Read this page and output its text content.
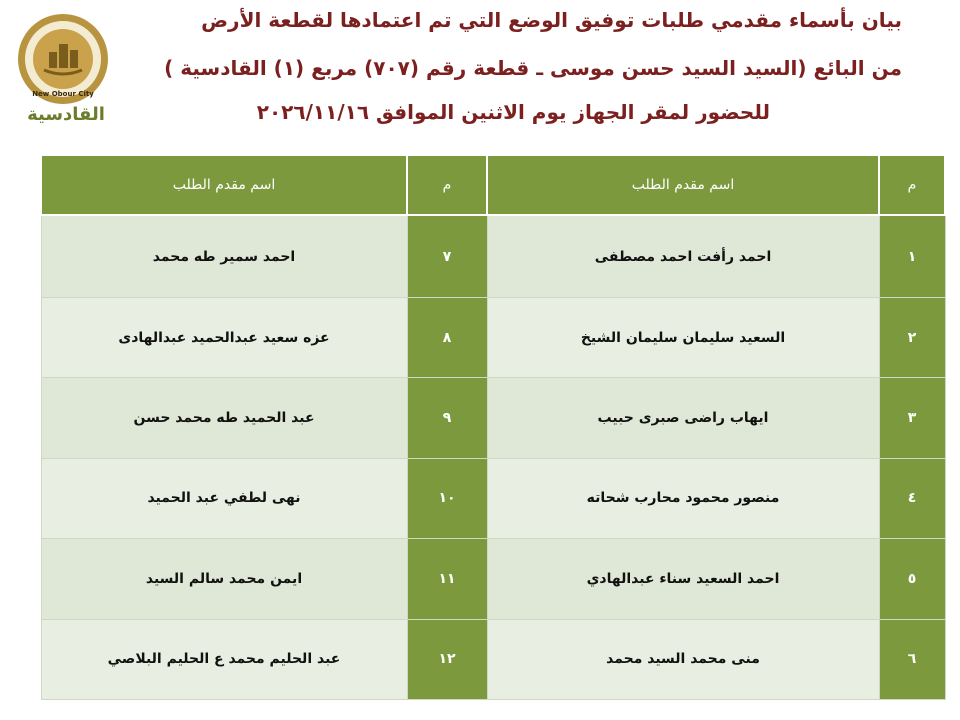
New Obour City
القادسية
بيان بأسماء مقدمي طلبات توفيق الوضع التي تم اعتمادها لقطعة الأرض
من البائع (السيد السيد حسن موسى ـ قطعة رقم (٧٠٧) مربع (١) القادسية )
للحضور لمقر الجهاز يوم الاثنين الموافق ٢٠٢٦/١١/١٦
م	اسم مقدم الطلب	م	اسم مقدم الطلب
١	احمد رأفت احمد مصطفى	٧	احمد سمير طه محمد
٢	السعيد سليمان سليمان الشيخ	٨	عزه سعيد عبدالحميد عبدالهادى
٣	ايهاب راضى صبرى حبيب	٩	عبد الحميد طه محمد حسن
٤	منصور محمود محارب شحاته	١٠	نهى لطفي عبد الحميد
٥	احمد السعيد سناء عبدالهادي	١١	ايمن محمد سالم السيد
٦	منى محمد السيد محمد	١٢	عبد الحليم محمد ع الحليم البلاصي
